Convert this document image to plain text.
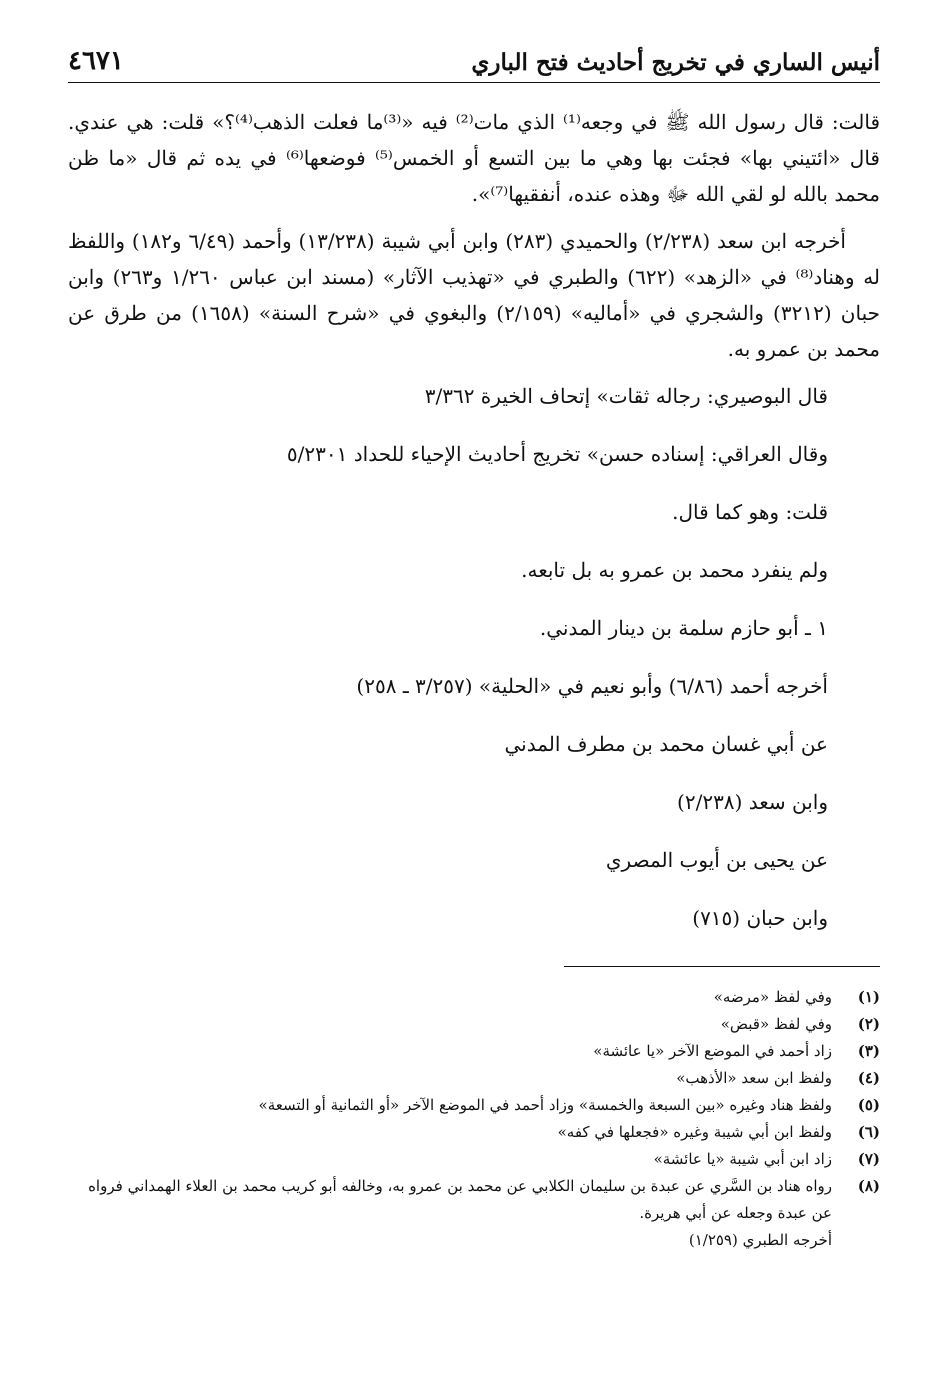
أنيس الساري في تخريج أحاديث فتح الباري
٤٦٧١

قالت: قال رسول الله ﷺ في وجعه⁽¹⁾ الذي مات⁽²⁾ فيه «⁽³⁾ما فعلت الذهب⁽⁴⁾؟» قلت: هي عندي. قال «ائتيني بها» فجئت بها وهي ما بين التسع أو الخمس⁽⁵⁾ فوضعها⁽⁶⁾ في يده ثم قال «ما ظن محمد بالله لو لقي الله ﷻ وهذه عنده، أنفقيها⁽⁷⁾».

أخرجه ابن سعد (٢/٢٣٨) والحميدي (٢٨٣) وابن أبي شيبة (١٣/٢٣٨) وأحمد (٦/٤٩ و١٨٢) واللفظ له وهناد⁽⁸⁾ في «الزهد» (٦٢٢) والطبري في «تهذيب الآثار» (مسند ابن عباس ١/٢٦٠ و٢٦٣) وابن حبان (٣٢١٢) والشجري في «أماليه» (٢/١٥٩) والبغوي في «شرح السنة» (١٦٥٨) من طرق عن محمد بن عمرو به.

قال البوصيري: رجاله ثقات» إتحاف الخيرة ٣/٣٦٢

وقال العراقي: إسناده حسن» تخريج أحاديث الإحياء للحداد ٥/٢٣٠١

قلت: وهو كما قال.

ولم ينفرد محمد بن عمرو به بل تابعه.

١ ـ أبو حازم سلمة بن دينار المدني.

أخرجه أحمد (٦/٨٦) وأبو نعيم في «الحلية» (٣/٢٥٧ ـ ٢٥٨)

عن أبي غسان محمد بن مطرف المدني

وابن سعد (٢/٢٣٨)

عن يحيى بن أيوب المصري

وابن حبان (٧١٥)

(١)
وفي لفظ «مرضه»
(٢)
وفي لفظ «قبض»
(٣)
زاد أحمد في الموضع الآخر «يا عائشة»
(٤)
ولفظ ابن سعد «الأذهب»
(٥)
ولفظ هناد وغيره «بين السبعة والخمسة» وزاد أحمد في الموضع الآخر «أو الثمانية أو التسعة»
(٦)
ولفظ ابن أبي شيبة وغيره «فجعلها في كفه»
(٧)
زاد ابن أبي شيبة «يا عائشة»
(٨)
رواه هناد بن السَّري عن عبدة بن سليمان الكلابي عن محمد بن عمرو به، وخالفه أبو كريب محمد بن العلاء الهمداني فرواه عن عبدة وجعله عن أبي هريرة.
أخرجه الطبري (١/٢٥٩)
